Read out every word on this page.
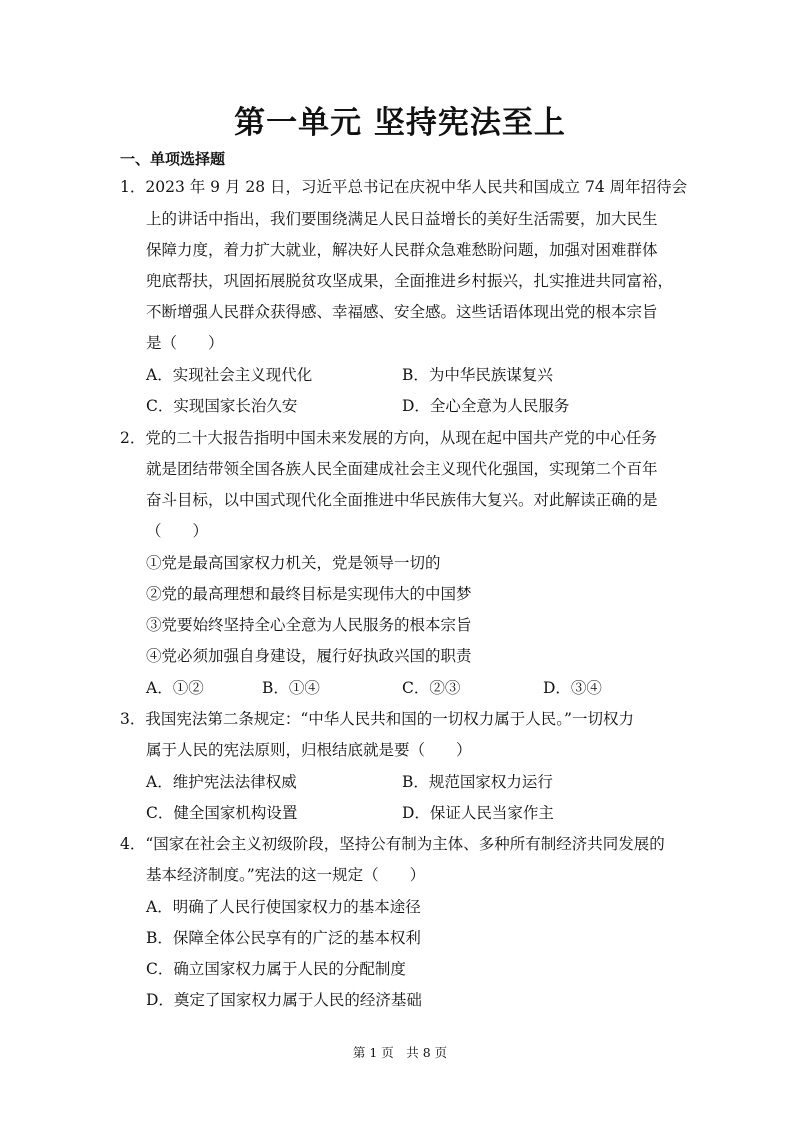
第一单元 坚持宪法至上
一、单项选择题
1．2023 年 9 月 28 日，习近平总书记在庆祝中华人民共和国成立 74 周年招待会
上的讲话中指出，我们要围绕满足人民日益增长的美好生活需要，加大民生
保障力度，着力扩大就业，解决好人民群众急难愁盼问题，加强对困难群体
兜底帮扶，巩固拓展脱贫攻坚成果，全面推进乡村振兴，扎实推进共同富裕，
不断增强人民群众获得感、幸福感、安全感。这些话语体现出党的根本宗旨
是（　　）
A．实现社会主义现代化	B．为中华民族谋复兴
C．实现国家长治久安	D．全心全意为人民服务
2．党的二十大报告指明中国未来发展的方向，从现在起中国共产党的中心任务
就是团结带领全国各族人民全面建成社会主义现代化强国，实现第二个百年
奋斗目标，以中国式现代化全面推进中华民族伟大复兴。对此解读正确的是
（　　）
①党是最高国家权力机关，党是领导一切的
②党的最高理想和最终目标是实现伟大的中国梦
③党要始终坚持全心全意为人民服务的根本宗旨
④党必须加强自身建设，履行好执政兴国的职责
A．①②	B．①④	C．②③	D．③④
3．我国宪法第二条规定：“中华人民共和国的一切权力属于人民。”一切权力
属于人民的宪法原则，归根结底就是要（　　）
A．维护宪法法律权威	B．规范国家权力运行
C．健全国家机构设置	D．保证人民当家作主
4．“国家在社会主义初级阶段，坚持公有制为主体、多种所有制经济共同发展的
基本经济制度。”宪法的这一规定（　　）
A．明确了人民行使国家权力的基本途径
B．保障全体公民享有的广泛的基本权利
C．确立国家权力属于人民的分配制度
D．奠定了国家权力属于人民的经济基础
第 1 页　共 8 页
